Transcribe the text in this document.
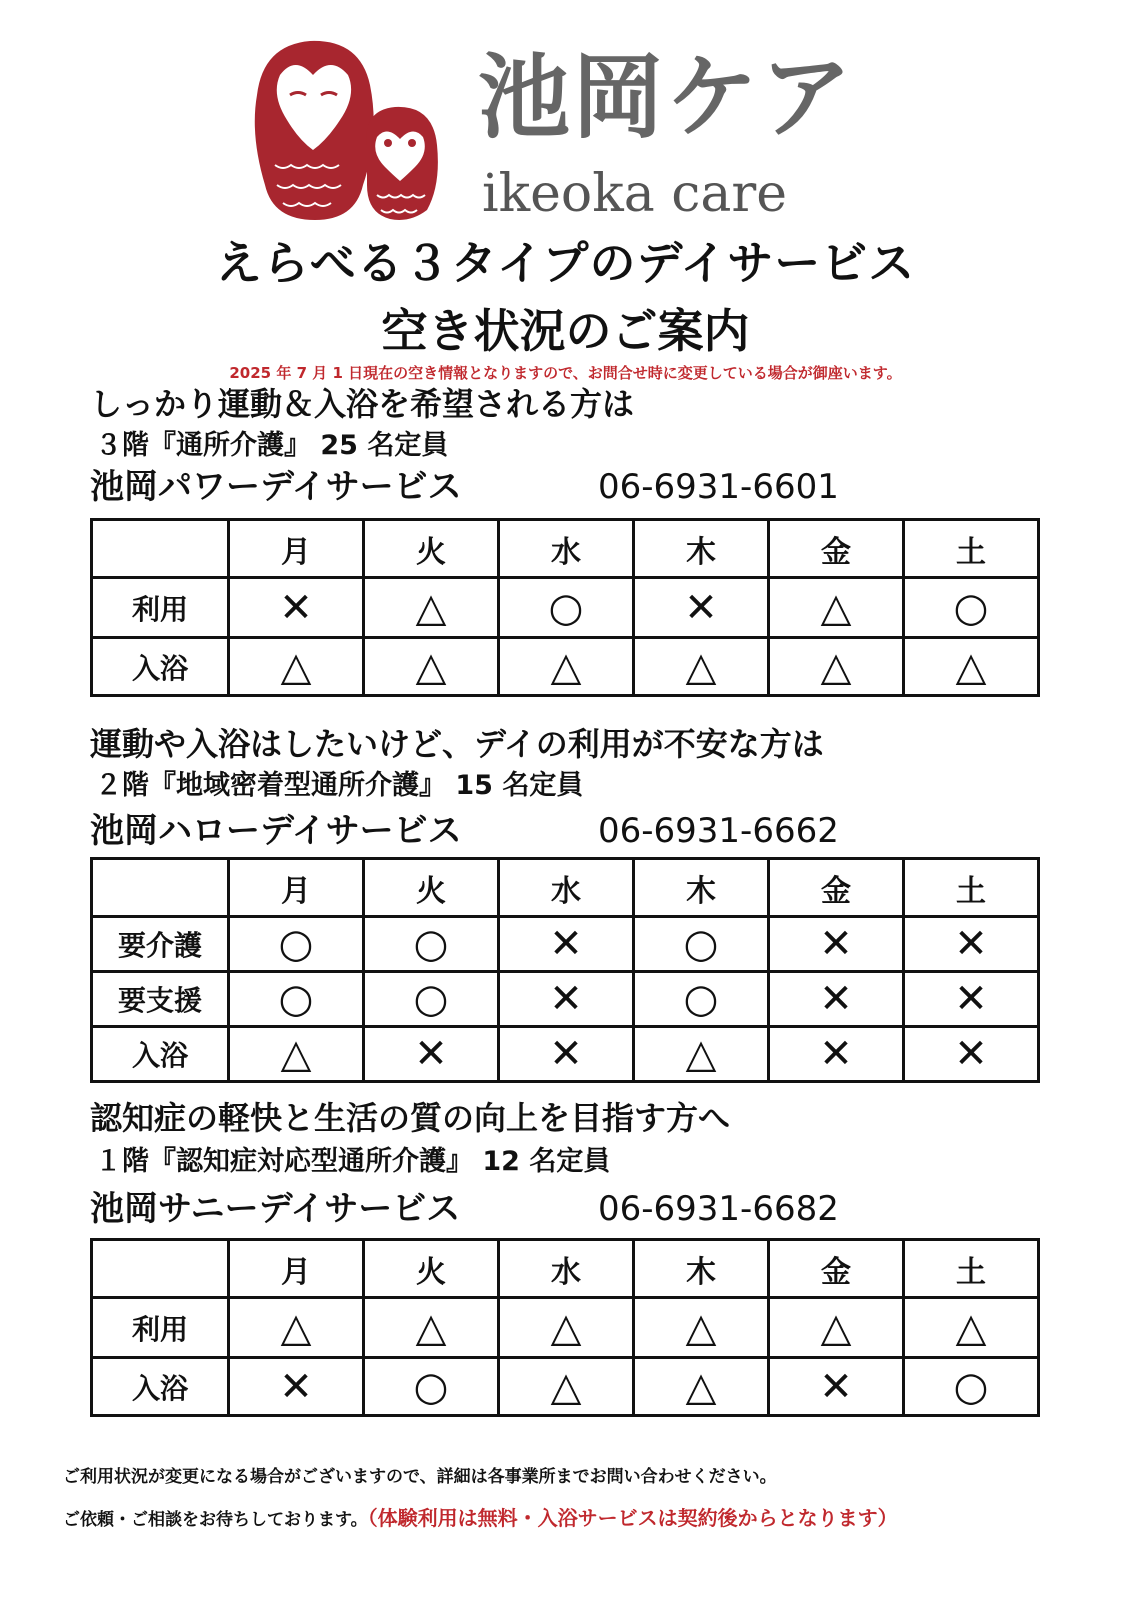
池岡ケア
ikeoka care
えらべる３タイプのデイサービス
空き状況のご案内
2025 年 7 月 1 日現在の空き情報となりますので、お問合せ時に変更している場合が御座います。
しっかり運動＆入浴を希望される方は
３階『通所介護』 25 名定員
池岡パワーデイサービス	06-6931-6601
	月	火	水	木	金	土
利用	✕	△	○	✕	△	○
入浴	△	△	△	△	△	△
運動や入浴はしたいけど、デイの利用が不安な方は
２階『地域密着型通所介護』 15 名定員
池岡ハローデイサービス	06-6931-6662
	月	火	水	木	金	土
要介護	○	○	✕	○	✕	✕
要支援	○	○	✕	○	✕	✕
入浴	△	✕	✕	△	✕	✕
認知症の軽快と生活の質の向上を目指す方へ
１階『認知症対応型通所介護』 12 名定員
池岡サニーデイサービス	06-6931-6682
	月	火	水	木	金	土
利用	△	△	△	△	△	△
入浴	✕	○	△	△	✕	○
ご利用状況が変更になる場合がございますので、詳細は各事業所までお問い合わせください。
ご依頼・ご相談をお待ちしております。（体験利用は無料・入浴サービスは契約後からとなります）
